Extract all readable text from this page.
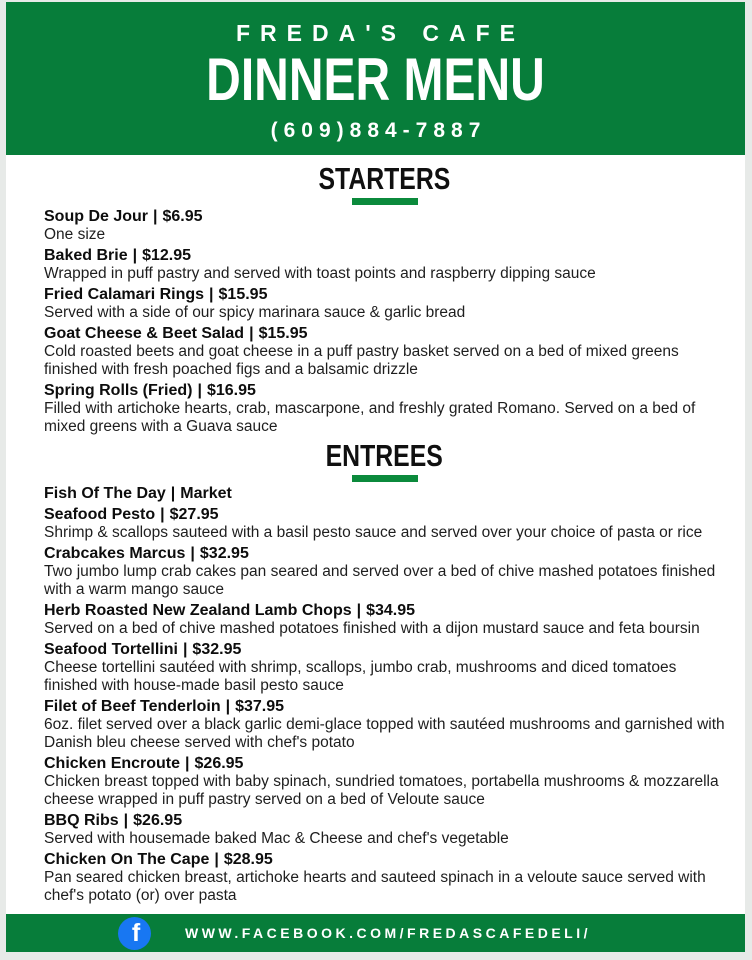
FREDA'S CAFE
DINNER MENU
(609)884-7887
STARTERS
Soup De Jour | $6.95
One size
Baked Brie | $12.95
Wrapped in puff pastry and served with toast points and raspberry dipping sauce
Fried Calamari Rings | $15.95
Served with a side of our spicy marinara sauce & garlic bread
Goat Cheese & Beet Salad | $15.95
Cold roasted beets and goat cheese in a puff pastry basket served on a bed of mixed greens finished with fresh poached figs and a balsamic drizzle
Spring Rolls (Fried) | $16.95
Filled with artichoke hearts, crab, mascarpone, and freshly grated Romano. Served on a bed of mixed greens with a Guava sauce
ENTREES
Fish Of The Day | Market
Seafood Pesto | $27.95
Shrimp & scallops sauteed with a basil pesto sauce and served over your choice of pasta or rice
Crabcakes Marcus | $32.95
Two jumbo lump crab cakes pan seared and served over a bed of chive mashed potatoes finished with a warm mango sauce
Herb Roasted New Zealand Lamb Chops | $34.95
Served on a bed of chive mashed potatoes finished with a dijon mustard sauce and feta boursin
Seafood Tortellini | $32.95
Cheese tortellini sautéed with shrimp, scallops, jumbo crab, mushrooms and diced tomatoes finished with house-made basil pesto sauce
Filet of Beef Tenderloin | $37.95
6oz. filet served over a black garlic demi-glace topped with sautéed mushrooms and garnished with Danish bleu cheese served with chef's potato
Chicken Encroute | $26.95
Chicken breast topped with baby spinach, sundried tomatoes, portabella mushrooms & mozzarella cheese wrapped in puff pastry served on a bed of Veloute sauce
BBQ Ribs | $26.95
Served with housemade baked Mac & Cheese and chef's vegetable
Chicken On The Cape | $28.95
Pan seared chicken breast, artichoke hearts and sauteed spinach in a veloute sauce served with chef's potato (or) over pasta
f
WWW.FACEBOOK.COM/FREDASCAFEDELI/
